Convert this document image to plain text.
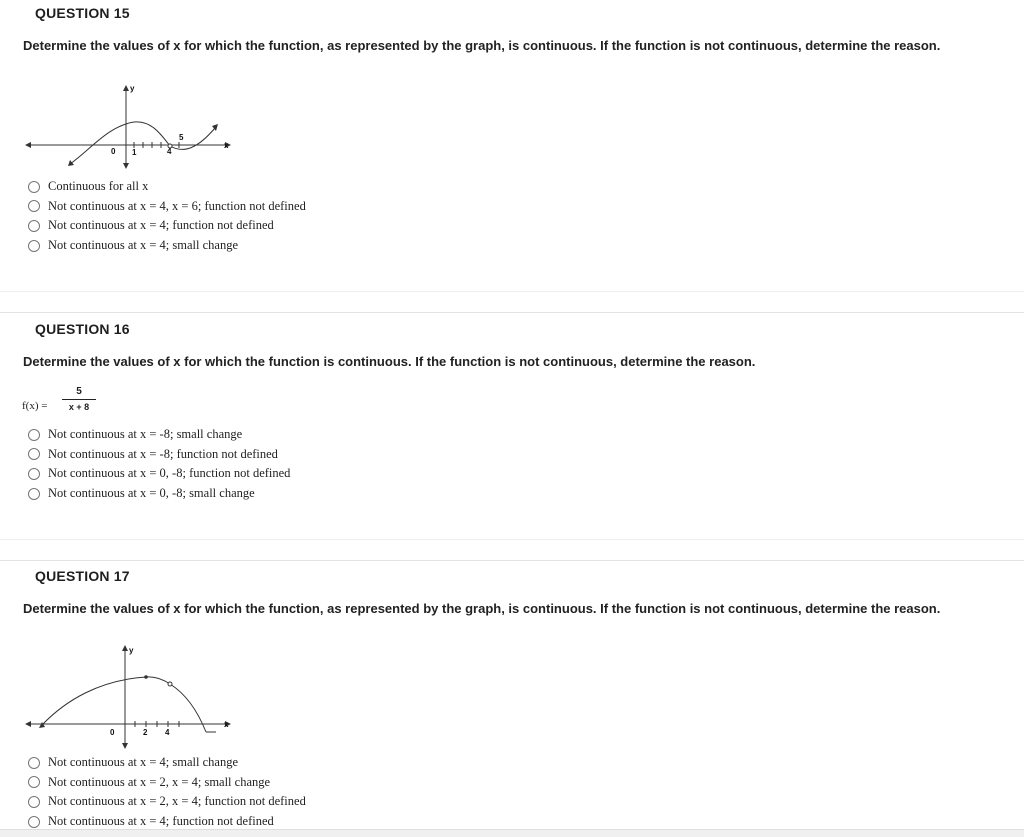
QUESTION 15
Determine the values of x for which the function, as represented by the graph, is continuous. If the function is not continuous, determine the reason.
y
x
0 1	4
5
Continuous for all x
Not continuous at x = 4, x = 6; function not defined
Not continuous at x = 4; function not defined
Not continuous at x = 4; small change
QUESTION 16
Determine the values of x for which the function is continuous. If the function is not continuous, determine the reason.
f(x) =
5
x + 8
Not continuous at x = -8; small change
Not continuous at x = -8; function not defined
Not continuous at x = 0, -8; function not defined
Not continuous at x = 0, -8; small change
QUESTION 17
Determine the values of x for which the function, as represented by the graph, is continuous. If the function is not continuous, determine the reason.
y
x
0	2 4
Not continuous at x = 4; small change
Not continuous at x = 2, x = 4; small change
Not continuous at x = 2, x = 4; function not defined
Not continuous at x = 4; function not defined
